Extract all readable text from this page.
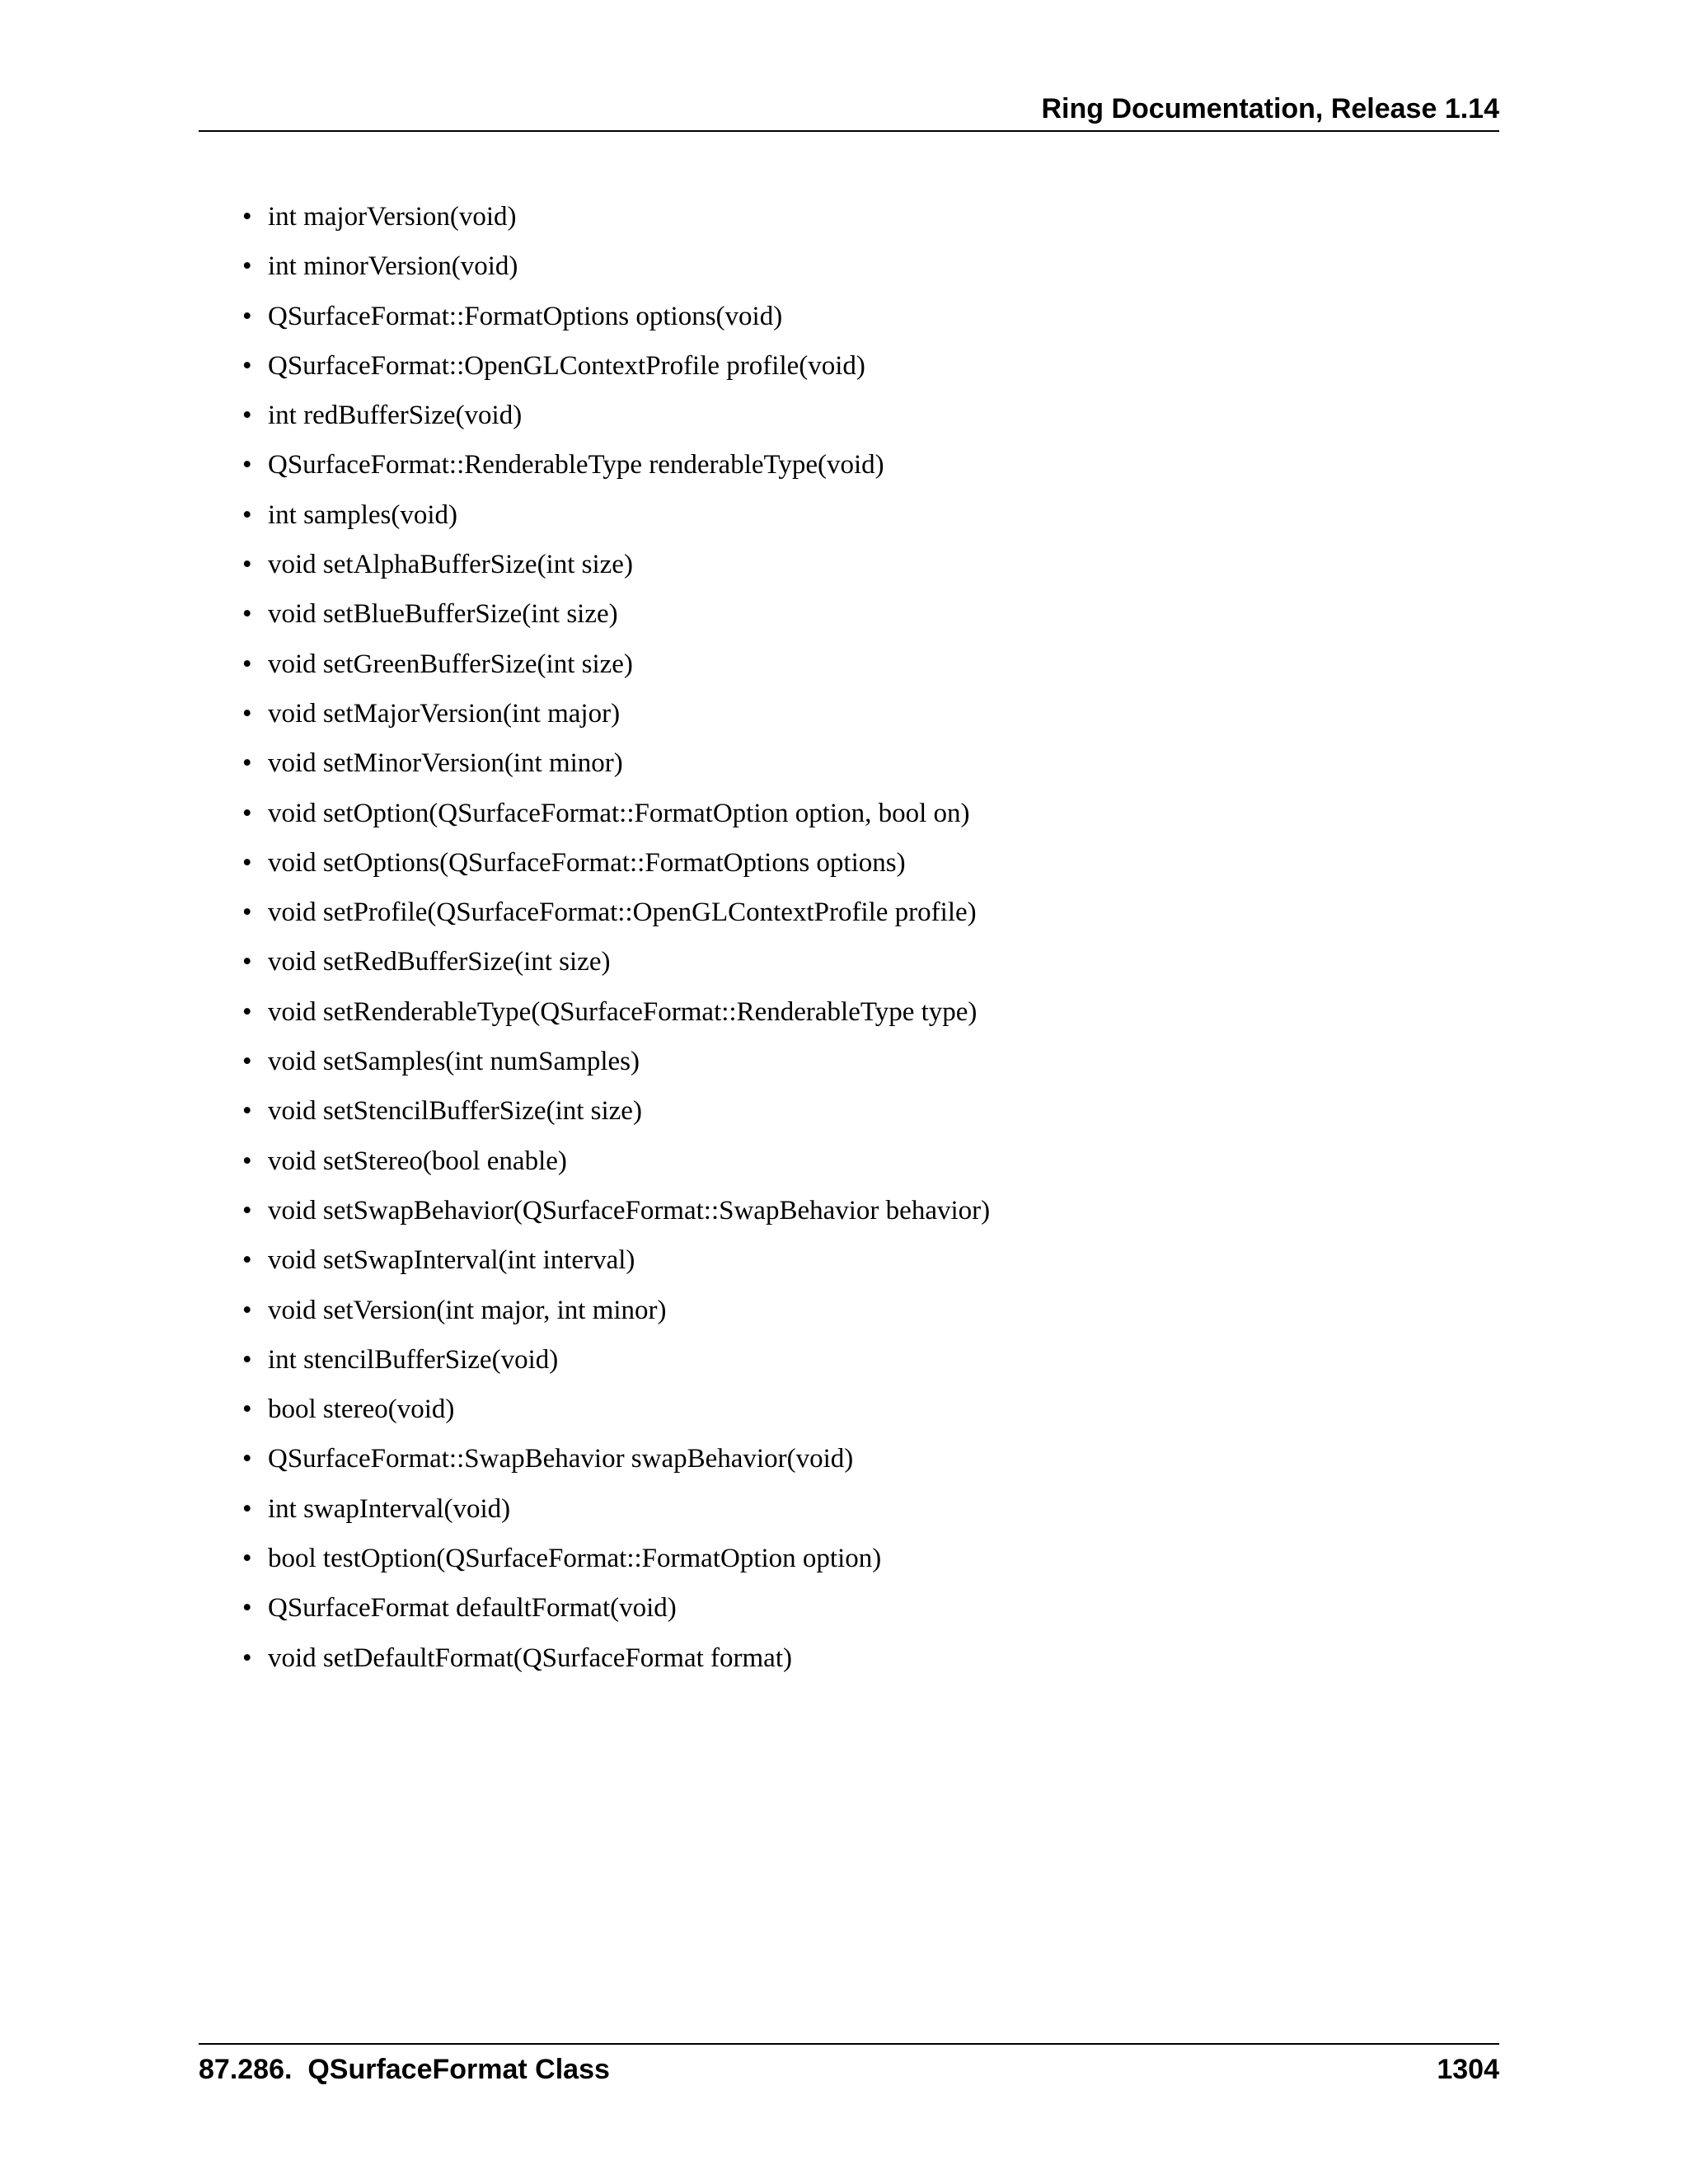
Ring Documentation, Release 1.14
• int majorVersion(void)
• int minorVersion(void)
• QSurfaceFormat::FormatOptions options(void)
• QSurfaceFormat::OpenGLContextProfile profile(void)
• int redBufferSize(void)
• QSurfaceFormat::RenderableType renderableType(void)
• int samples(void)
• void setAlphaBufferSize(int size)
• void setBlueBufferSize(int size)
• void setGreenBufferSize(int size)
• void setMajorVersion(int major)
• void setMinorVersion(int minor)
• void setOption(QSurfaceFormat::FormatOption option, bool on)
• void setOptions(QSurfaceFormat::FormatOptions options)
• void setProfile(QSurfaceFormat::OpenGLContextProfile profile)
• void setRedBufferSize(int size)
• void setRenderableType(QSurfaceFormat::RenderableType type)
• void setSamples(int numSamples)
• void setStencilBufferSize(int size)
• void setStereo(bool enable)
• void setSwapBehavior(QSurfaceFormat::SwapBehavior behavior)
• void setSwapInterval(int interval)
• void setVersion(int major, int minor)
• int stencilBufferSize(void)
• bool stereo(void)
• QSurfaceFormat::SwapBehavior swapBehavior(void)
• int swapInterval(void)
• bool testOption(QSurfaceFormat::FormatOption option)
• QSurfaceFormat defaultFormat(void)
• void setDefaultFormat(QSurfaceFormat format)
87.286.  QSurfaceFormat Class	1304
